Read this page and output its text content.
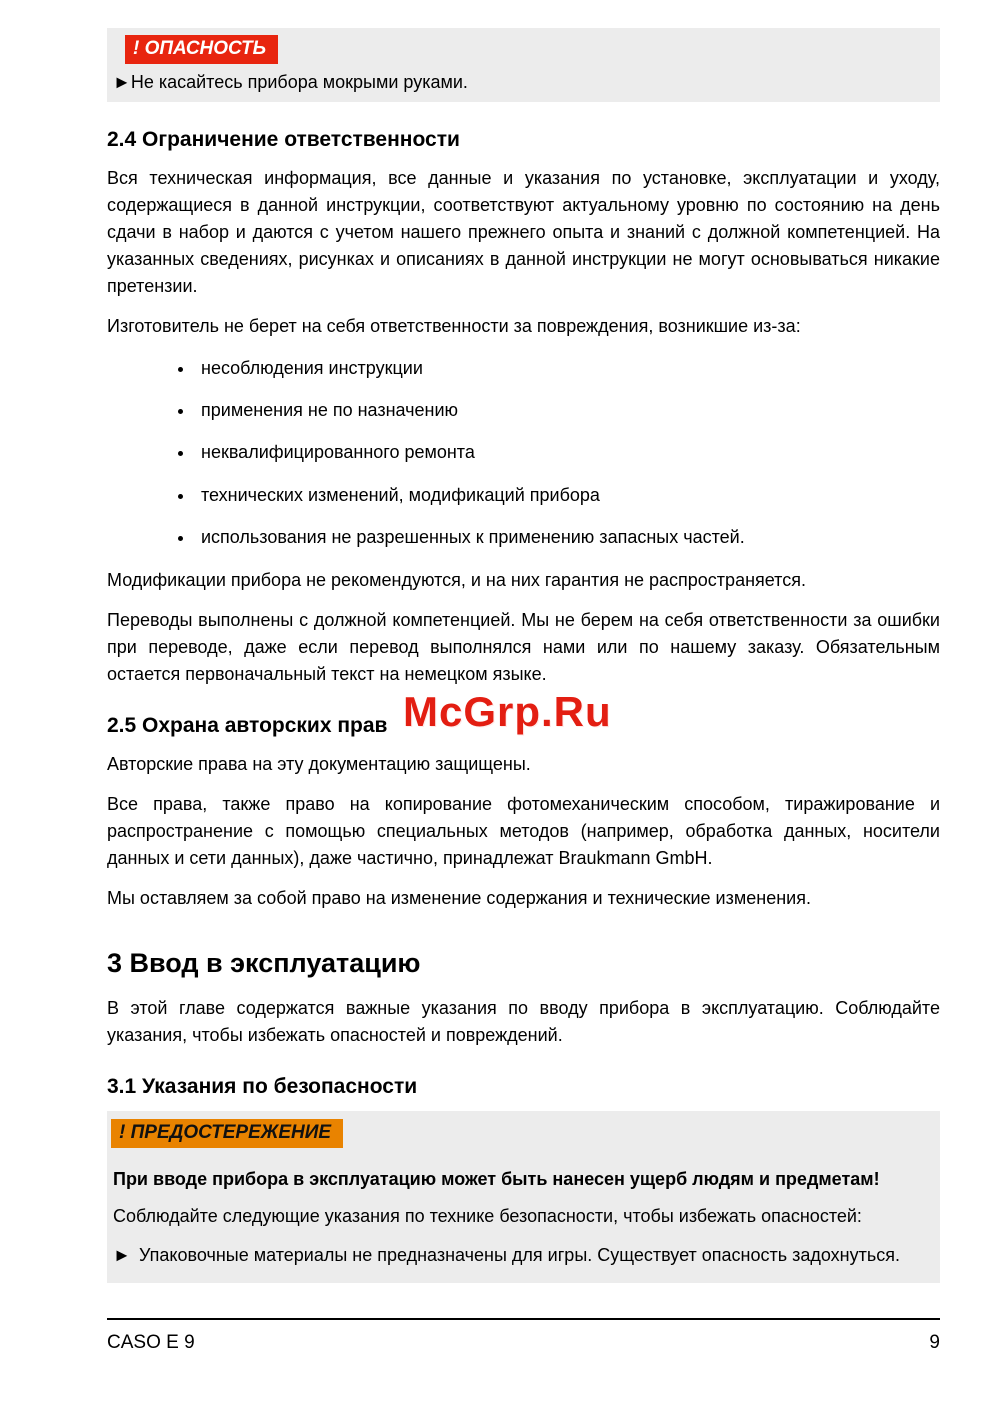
! ОПАСНОСТЬ
►Не касайтесь прибора мокрыми руками.
2.4 Ограничение ответственности

Вся техническая информация, все данные и указания по установке, эксплуатации и уходу, содержащиеся в данной инструкции, соответствуют актуальному уровню по состоянию на день сдачи в набор и даются с учетом нашего прежнего опыта и знаний с должной компетенцией. На указанных сведениях, рисунках и описаниях в данной инструкции не могут основываться никакие претензии.

Изготовитель не берет на себя ответственности за повреждения, возникшие из-за:

• несоблюдения инструкции
• применения не по назначению
• неквалифицированного ремонта
• технических изменений, модификаций прибора
• использования не разрешенных к применению запасных частей.

Модификации прибора не рекомендуются, и на них гарантия не распространяется.

Переводы выполнены с должной компетенцией. Мы не берем на себя ответственности за ошибки при переводе, даже если перевод выполнялся нами или по нашему заказу. Обязательным остается первоначальный текст на немецком языке.

2.5 Охрана авторских прав

Авторские права на эту документацию защищены.

Все права, также право на копирование фотомеханическим способом, тиражирование и распространение с помощью специальных методов (например, обработка данных, носители данных и сети данных), даже частично, принадлежат Braukmann GmbH.

Мы оставляем за собой право на изменение содержания и технические изменения.

3 Ввод в эксплуатацию

В этой главе содержатся важные указания по вводу прибора в эксплуатацию. Соблюдайте указания, чтобы избежать опасностей и повреждений.

3.1 Указания по безопасности
! ПРЕДОСТЕРЕЖЕНИЕ

При вводе прибора в эксплуатацию может быть нанесен ущерб людям и предметам!

Соблюдайте следующие указания по технике безопасности, чтобы избежать опасностей:

► Упаковочные материалы не предназначены для игры. Существует опасность задохнуться.
McGrp.Ru
CASO E 9	9
